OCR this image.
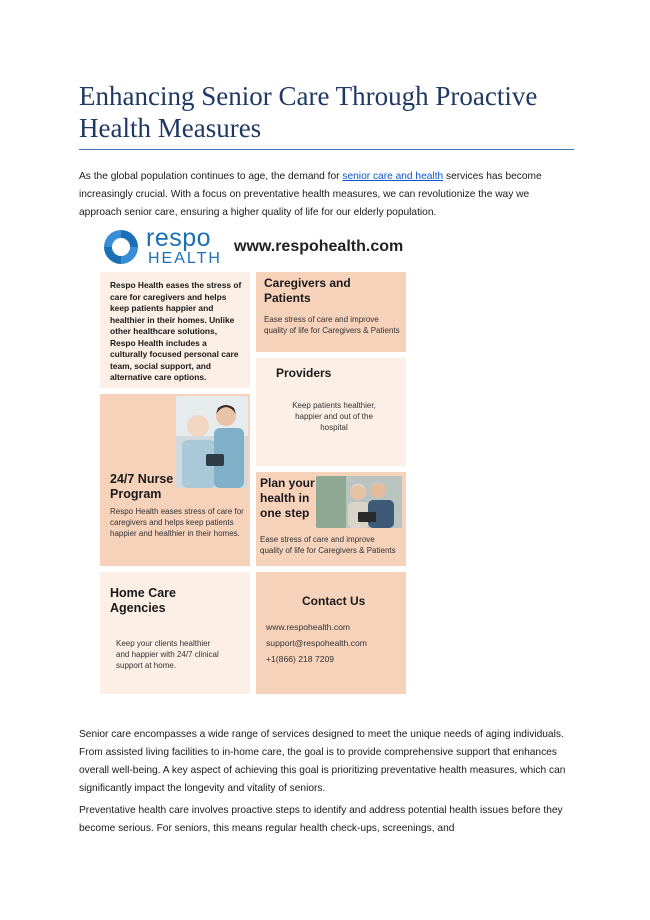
Enhancing Senior Care Through Proactive Health Measures

As the global population continues to age, the demand for senior care and health services has become increasingly crucial. With a focus on preventative health measures, we can revolutionize the way we approach senior care, ensuring a higher quality of life for our elderly population.

respo
HEALTH
www.respohealth.com
Respo Health eases the stress of care for caregivers and helps keep patients happier and healthier in their homes. Unlike other healthcare solutions, Respo Health includes a culturally focused personal care team, social support, and alternative care options.
24/7 Nurse Program
Respo Health eases stress of care for caregivers and helps keep patients happier and healthier in their homes.
Home Care Agencies
Keep your clients healthier and happier with 24/7 clinical support at home.
Caregivers and Patients
Ease stress of care and improve quality of life for Caregivers & Patients
Providers
Keep patients healthier, happier and out of the hospital
Plan your health in one step
Ease stress of care and improve quality of life for Caregivers & Patients
Contact Us
www.respohealth.com
support@respohealth.com
+1(866) 218 7209

Senior care encompasses a wide range of services designed to meet the unique needs of aging individuals. From assisted living facilities to in-home care, the goal is to provide comprehensive support that enhances overall well-being. A key aspect of achieving this goal is prioritizing preventative health measures, which can significantly impact the longevity and vitality of seniors.

Preventative health care involves proactive steps to identify and address potential health issues before they become serious. For seniors, this means regular health check-ups, screenings, and
